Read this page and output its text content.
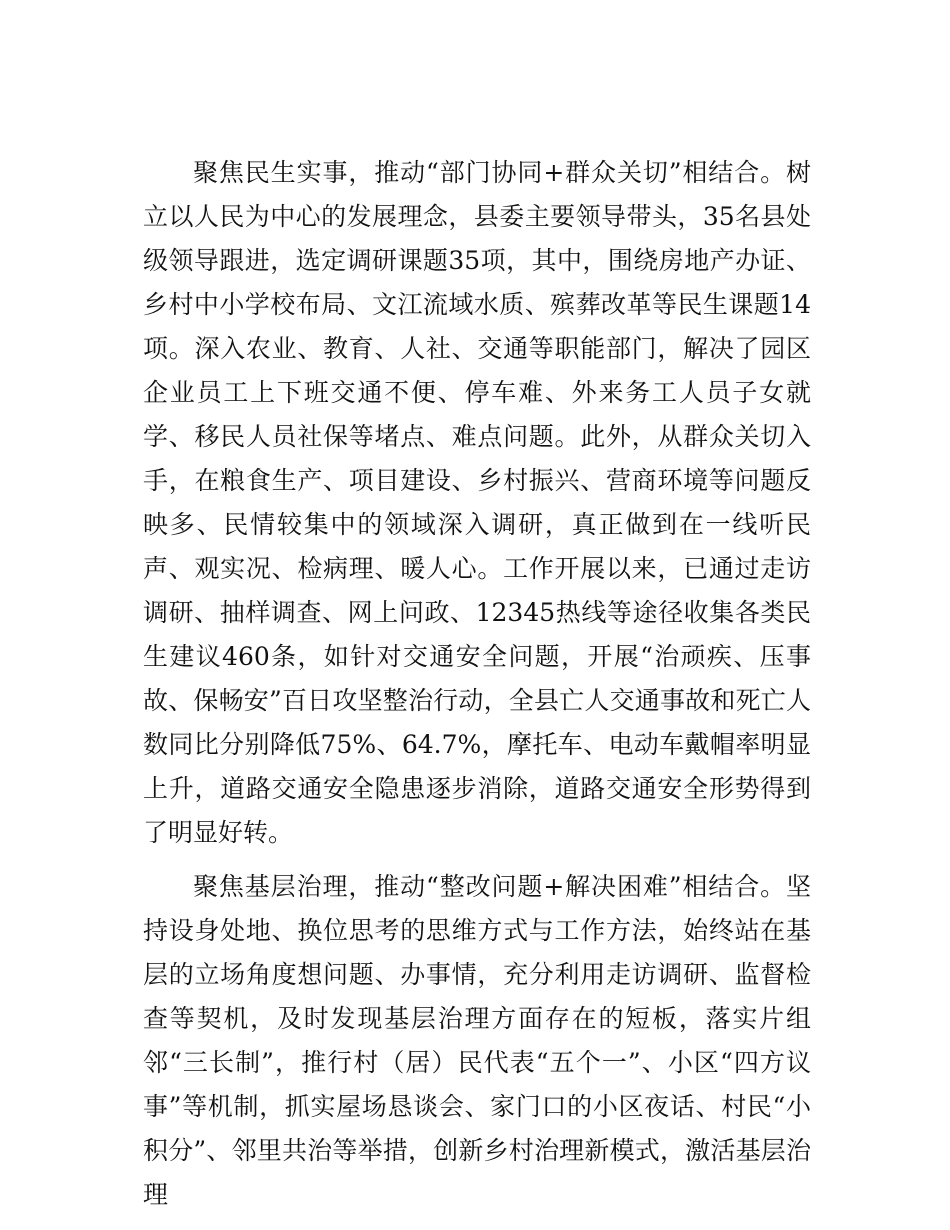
聚焦民生实事，推动“部门协同+群众关切”相结合。树立以人民为中心的发展理念，县委主要领导带头，35名县处级领导跟进，选定调研课题35项，其中，围绕房地产办证、乡村中小学校布局、文江流域水质、殡葬改革等民生课题14项。深入农业、教育、人社、交通等职能部门，解决了园区企业员工上下班交通不便、停车难、外来务工人员子女就学、移民人员社保等堵点、难点问题。此外，从群众关切入手，在粮食生产、项目建设、乡村振兴、营商环境等问题反映多、民情较集中的领域深入调研，真正做到在一线听民声、观实况、检病理、暖人心。工作开展以来，已通过走访调研、抽样调查、网上问政、12345热线等途径收集各类民生建议460条，如针对交通安全问题，开展“治顽疾、压事故、保畅安”百日攻坚整治行动，全县亡人交通事故和死亡人数同比分别降低75%、64.7%，摩托车、电动车戴帽率明显上升，道路交通安全隐患逐步消除，道路交通安全形势得到了明显好转。

聚焦基层治理，推动“整改问题+解决困难”相结合。坚持设身处地、换位思考的思维方式与工作方法，始终站在基层的立场角度想问题、办事情，充分利用走访调研、监督检查等契机，及时发现基层治理方面存在的短板，落实片组邻“三长制”，推行村（居）民代表“五个一”、小区“四方议事”等机制，抓实屋场恳谈会、家门口的小区夜话、村民“小积分”、邻里共治等举措，创新乡村治理新模式，激活基层治理
